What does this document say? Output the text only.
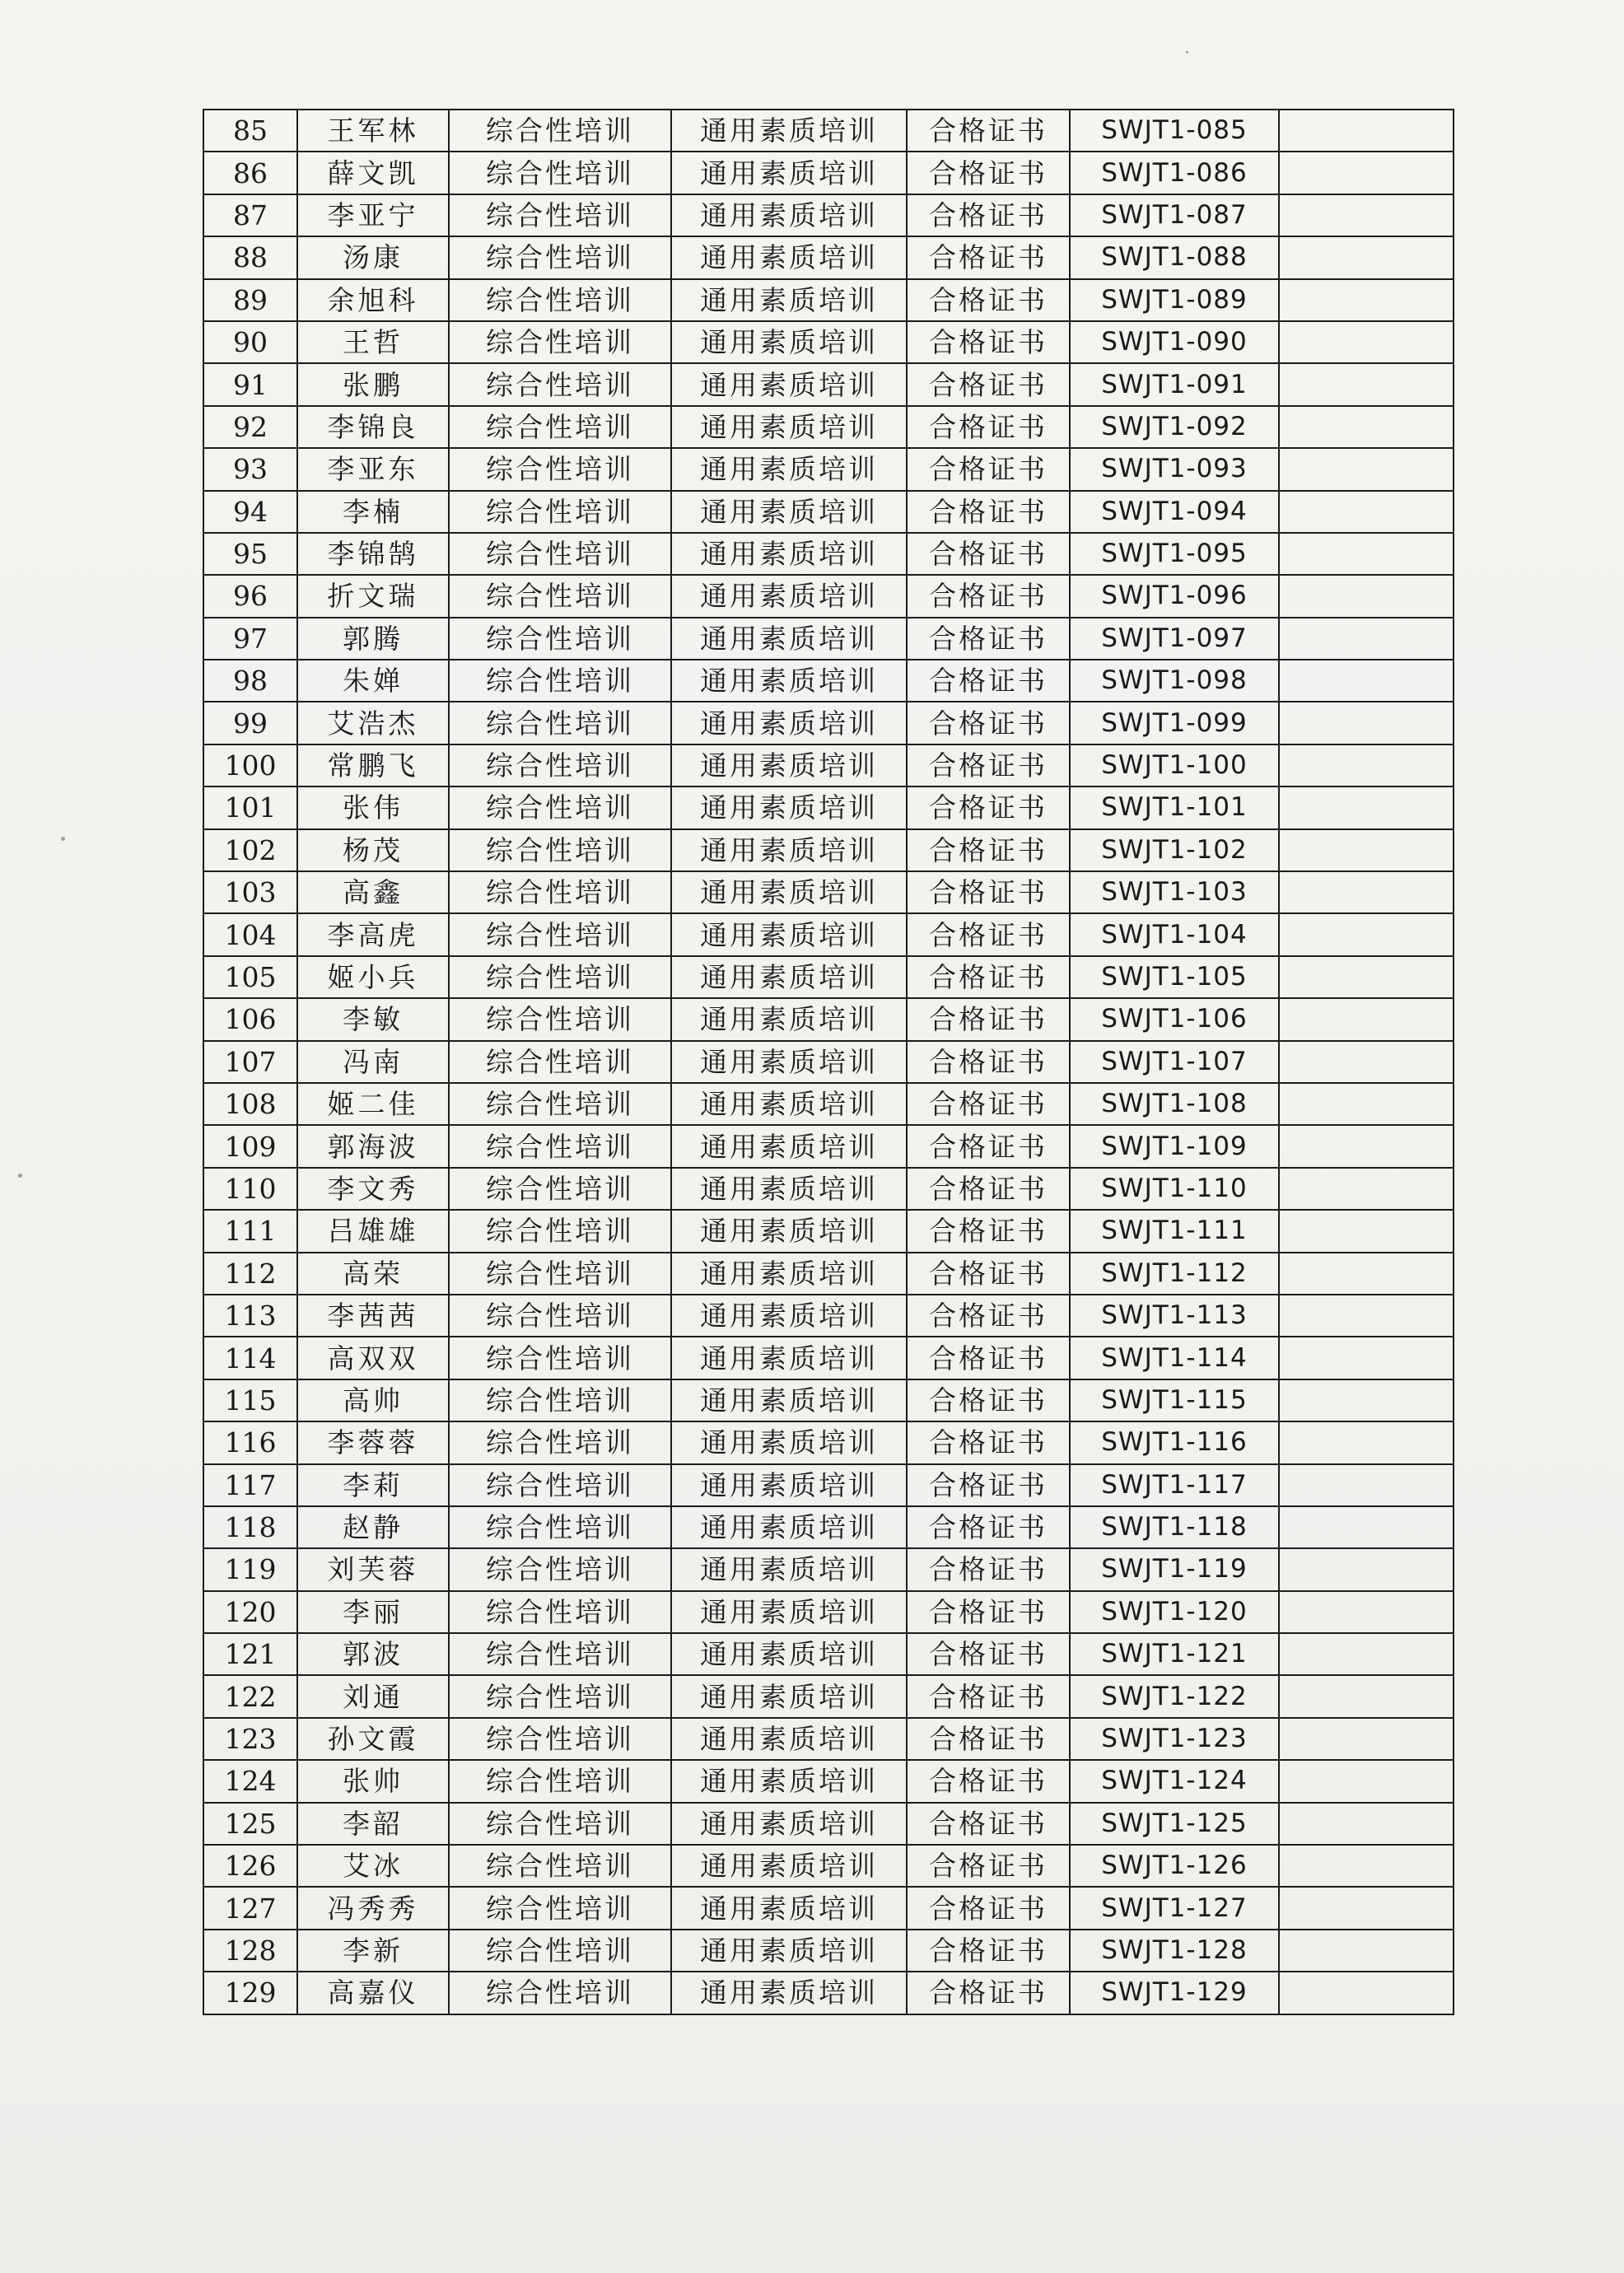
85	王军林	综合性培训	通用素质培训	合格证书	SWJT1-085	
86	薛文凯	综合性培训	通用素质培训	合格证书	SWJT1-086	
87	李亚宁	综合性培训	通用素质培训	合格证书	SWJT1-087	
88	汤康	综合性培训	通用素质培训	合格证书	SWJT1-088	
89	余旭科	综合性培训	通用素质培训	合格证书	SWJT1-089	
90	王哲	综合性培训	通用素质培训	合格证书	SWJT1-090	
91	张鹏	综合性培训	通用素质培训	合格证书	SWJT1-091	
92	李锦良	综合性培训	通用素质培训	合格证书	SWJT1-092	
93	李亚东	综合性培训	通用素质培训	合格证书	SWJT1-093	
94	李楠	综合性培训	通用素质培训	合格证书	SWJT1-094	
95	李锦鹄	综合性培训	通用素质培训	合格证书	SWJT1-095	
96	折文瑞	综合性培训	通用素质培训	合格证书	SWJT1-096	
97	郭腾	综合性培训	通用素质培训	合格证书	SWJT1-097	
98	朱婵	综合性培训	通用素质培训	合格证书	SWJT1-098	
99	艾浩杰	综合性培训	通用素质培训	合格证书	SWJT1-099	
100	常鹏飞	综合性培训	通用素质培训	合格证书	SWJT1-100	
101	张伟	综合性培训	通用素质培训	合格证书	SWJT1-101	
102	杨茂	综合性培训	通用素质培训	合格证书	SWJT1-102	
103	高鑫	综合性培训	通用素质培训	合格证书	SWJT1-103	
104	李高虎	综合性培训	通用素质培训	合格证书	SWJT1-104	
105	姬小兵	综合性培训	通用素质培训	合格证书	SWJT1-105	
106	李敏	综合性培训	通用素质培训	合格证书	SWJT1-106	
107	冯南	综合性培训	通用素质培训	合格证书	SWJT1-107	
108	姬二佳	综合性培训	通用素质培训	合格证书	SWJT1-108	
109	郭海波	综合性培训	通用素质培训	合格证书	SWJT1-109	
110	李文秀	综合性培训	通用素质培训	合格证书	SWJT1-110	
111	吕雄雄	综合性培训	通用素质培训	合格证书	SWJT1-111	
112	高荣	综合性培训	通用素质培训	合格证书	SWJT1-112	
113	李茜茜	综合性培训	通用素质培训	合格证书	SWJT1-113	
114	高双双	综合性培训	通用素质培训	合格证书	SWJT1-114	
115	高帅	综合性培训	通用素质培训	合格证书	SWJT1-115	
116	李蓉蓉	综合性培训	通用素质培训	合格证书	SWJT1-116	
117	李莉	综合性培训	通用素质培训	合格证书	SWJT1-117	
118	赵静	综合性培训	通用素质培训	合格证书	SWJT1-118	
119	刘芙蓉	综合性培训	通用素质培训	合格证书	SWJT1-119	
120	李丽	综合性培训	通用素质培训	合格证书	SWJT1-120	
121	郭波	综合性培训	通用素质培训	合格证书	SWJT1-121	
122	刘通	综合性培训	通用素质培训	合格证书	SWJT1-122	
123	孙文霞	综合性培训	通用素质培训	合格证书	SWJT1-123	
124	张帅	综合性培训	通用素质培训	合格证书	SWJT1-124	
125	李韶	综合性培训	通用素质培训	合格证书	SWJT1-125	
126	艾冰	综合性培训	通用素质培训	合格证书	SWJT1-126	
127	冯秀秀	综合性培训	通用素质培训	合格证书	SWJT1-127	
128	李新	综合性培训	通用素质培训	合格证书	SWJT1-128	
129	高嘉仪	综合性培训	通用素质培训	合格证书	SWJT1-129	
